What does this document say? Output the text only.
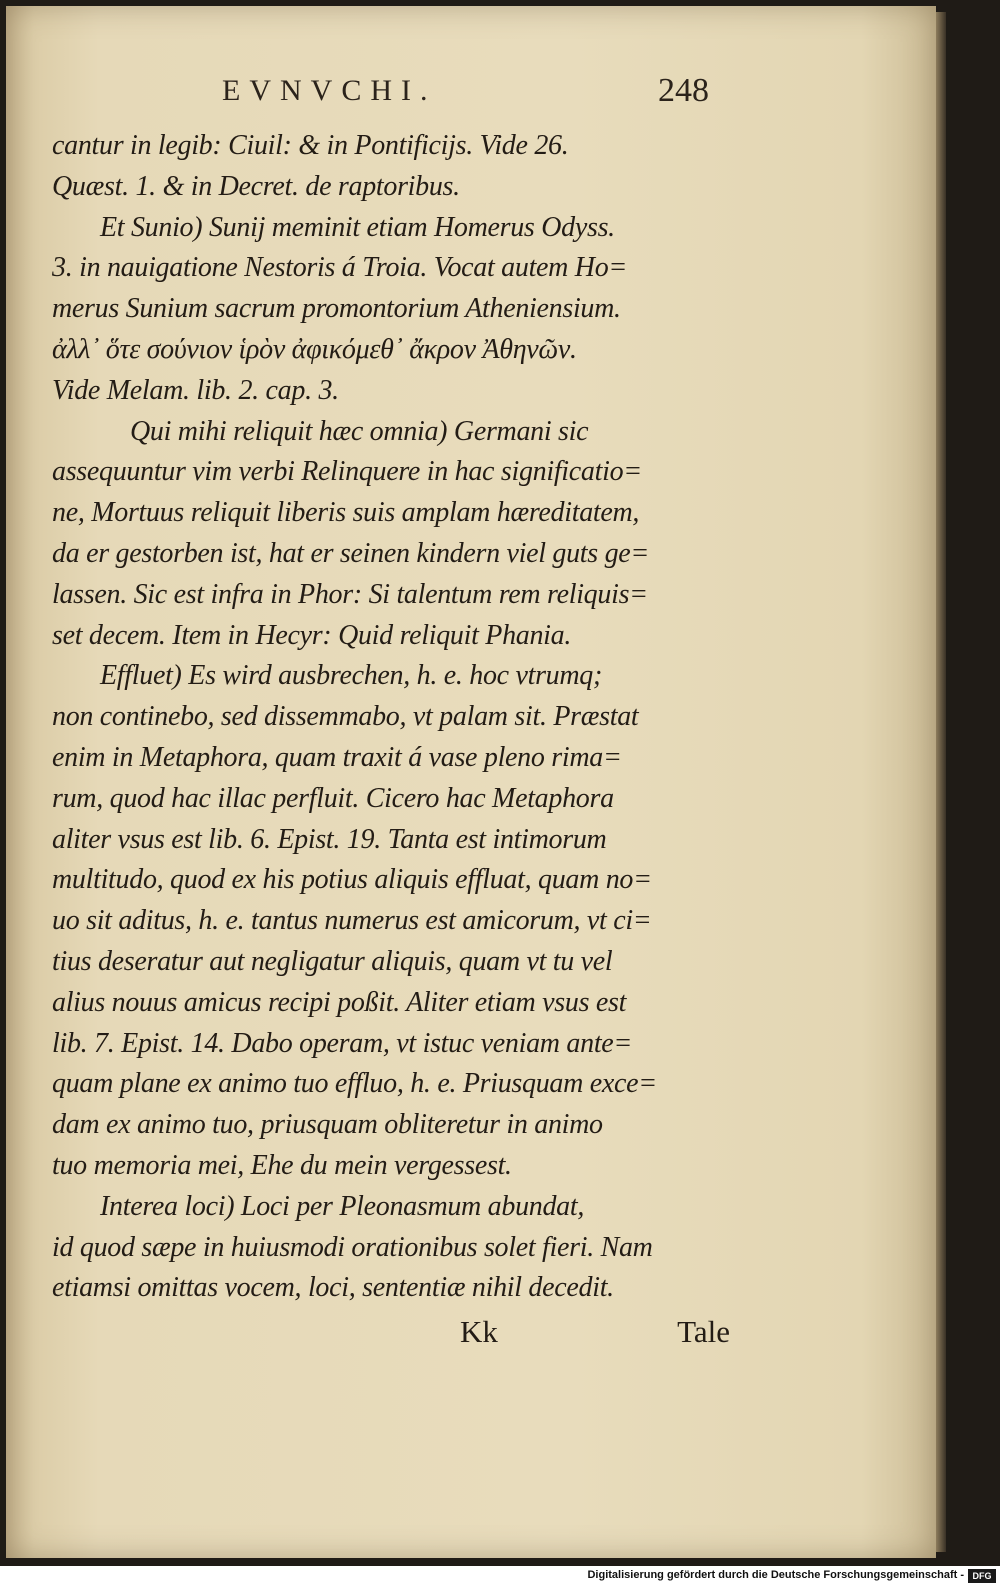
EVNVCHI.	248
cantur in legib: Ciuil: & in Pontificijs. Vide 26.
Quæst. 1. & in Decret. de raptoribus.
Et Sunio) Sunij meminit etiam Homerus Odyss.
3. in nauigatione Nestoris á Troia. Vocat autem Ho=
merus Sunium sacrum promontorium Atheniensium.
ἀλλ᾽ ὅτε σούνιον ἱρὸν ἀφικόμεθ᾽ ἄκρον Ἀθηνῶν.
Vide Melam. lib. 2. cap. 3.
Qui mihi reliquit hæc omnia) Germani sic
assequuntur vim verbi Relinquere in hac significatio=
ne, Mortuus reliquit liberis suis amplam hæreditatem,
da er gestorben ist, hat er seinen kindern viel guts ge=
lassen. Sic est infra in Phor: Si talentum rem reliquis=
set decem. Item in Hecyr: Quid reliquit Phania.
Effluet) Es wird ausbrechen, h. e. hoc vtrumq;
non continebo, sed dissemmabo, vt palam sit. Præstat
enim in Metaphora, quam traxit á vase pleno rima=
rum, quod hac illac perfluit. Cicero hac Metaphora
aliter vsus est lib. 6. Epist. 19. Tanta est intimorum
multitudo, quod ex his potius aliquis effluat, quam no=
uo sit aditus, h. e. tantus numerus est amicorum, vt ci=
tius deseratur aut negligatur aliquis, quam vt tu vel
alius nouus amicus recipi poßit. Aliter etiam vsus est
lib. 7. Epist. 14. Dabo operam, vt istuc veniam ante=
quam plane ex animo tuo effluo, h. e. Priusquam exce=
dam ex animo tuo, priusquam obliteretur in animo
tuo memoria mei, Ehe du mein vergessest.
Interea loci) Loci per Pleonasmum abundat,
id quod sæpe in huiusmodi orationibus solet fieri. Nam
etiamsi omittas vocem, loci, sententiæ nihil decedit.
Kk	Tale
Digitalisierung gefördert durch die Deutsche Forschungsgemeinschaft - DFG
